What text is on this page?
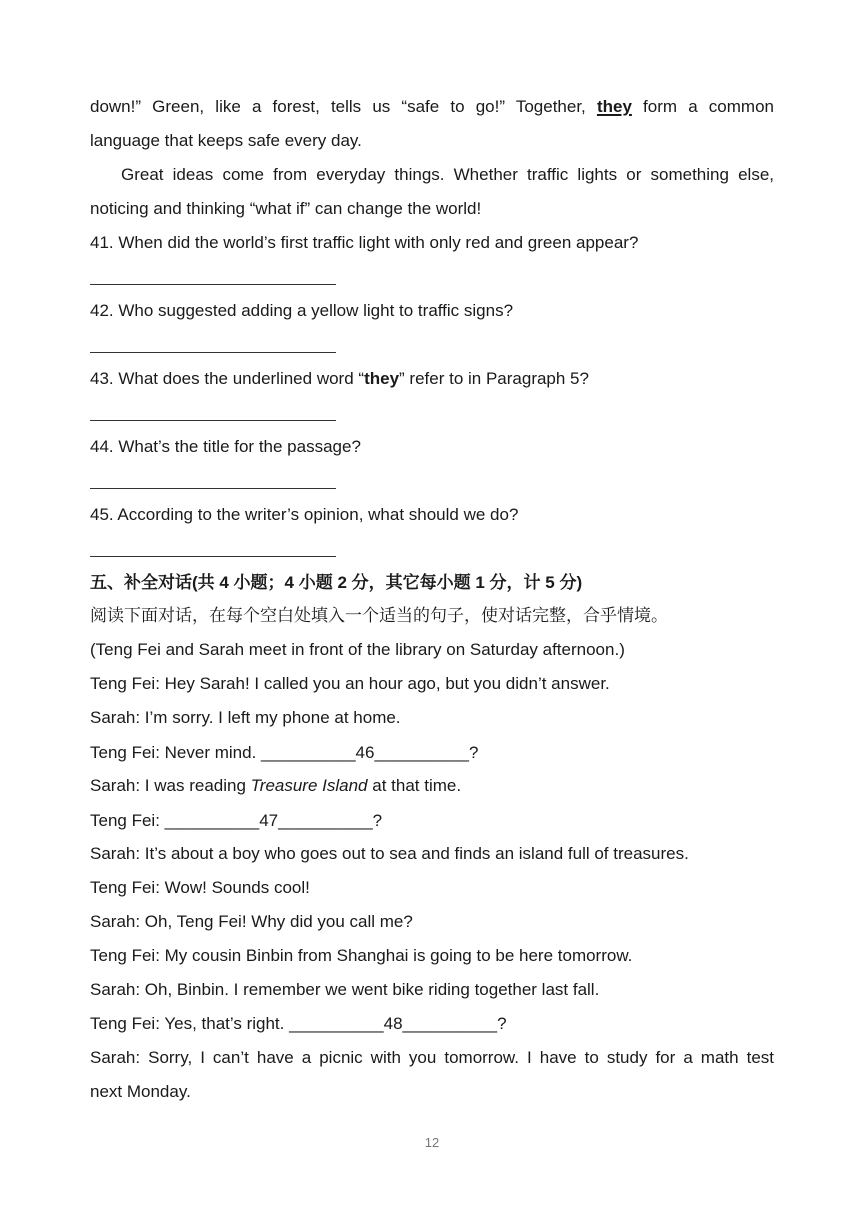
down!” Green, like a forest, tells us “safe to go!” Together, they form a common
language that keeps safe every day.
Great ideas come from everyday things. Whether traffic lights or something else,
noticing and thinking “what if” can change the world!
41. When did the world’s first traffic light with only red and green appear?
42. Who suggested adding a yellow light to traffic signs?
43. What does the underlined word “they” refer to in Paragraph 5?
44. What’s the title for the passage?
45. According to the writer’s opinion, what should we do?
五、补全对话(共 4 小题；4 小题 2 分，其它每小题 1 分，计 5 分)
阅读下面对话，在每个空白处填入一个适当的句子，使对话完整，合乎情境。
(Teng Fei and Sarah meet in front of the library on Saturday afternoon.)
Teng Fei: Hey Sarah! I called you an hour ago, but you didn’t answer.
Sarah: I’m sorry. I left my phone at home.
Teng Fei: Never mind. __________46__________?
Sarah: I was reading Treasure Island at that time.
Teng Fei: __________47__________?
Sarah: It’s about a boy who goes out to sea and finds an island full of treasures.
Teng Fei: Wow! Sounds cool!
Sarah: Oh, Teng Fei! Why did you call me?
Teng Fei: My cousin Binbin from Shanghai is going to be here tomorrow.
Sarah: Oh, Binbin. I remember we went bike riding together last fall.
Teng Fei: Yes, that’s right. __________48__________?
Sarah: Sorry, I can’t have a picnic with you tomorrow. I have to study for a math test
next Monday.
12
